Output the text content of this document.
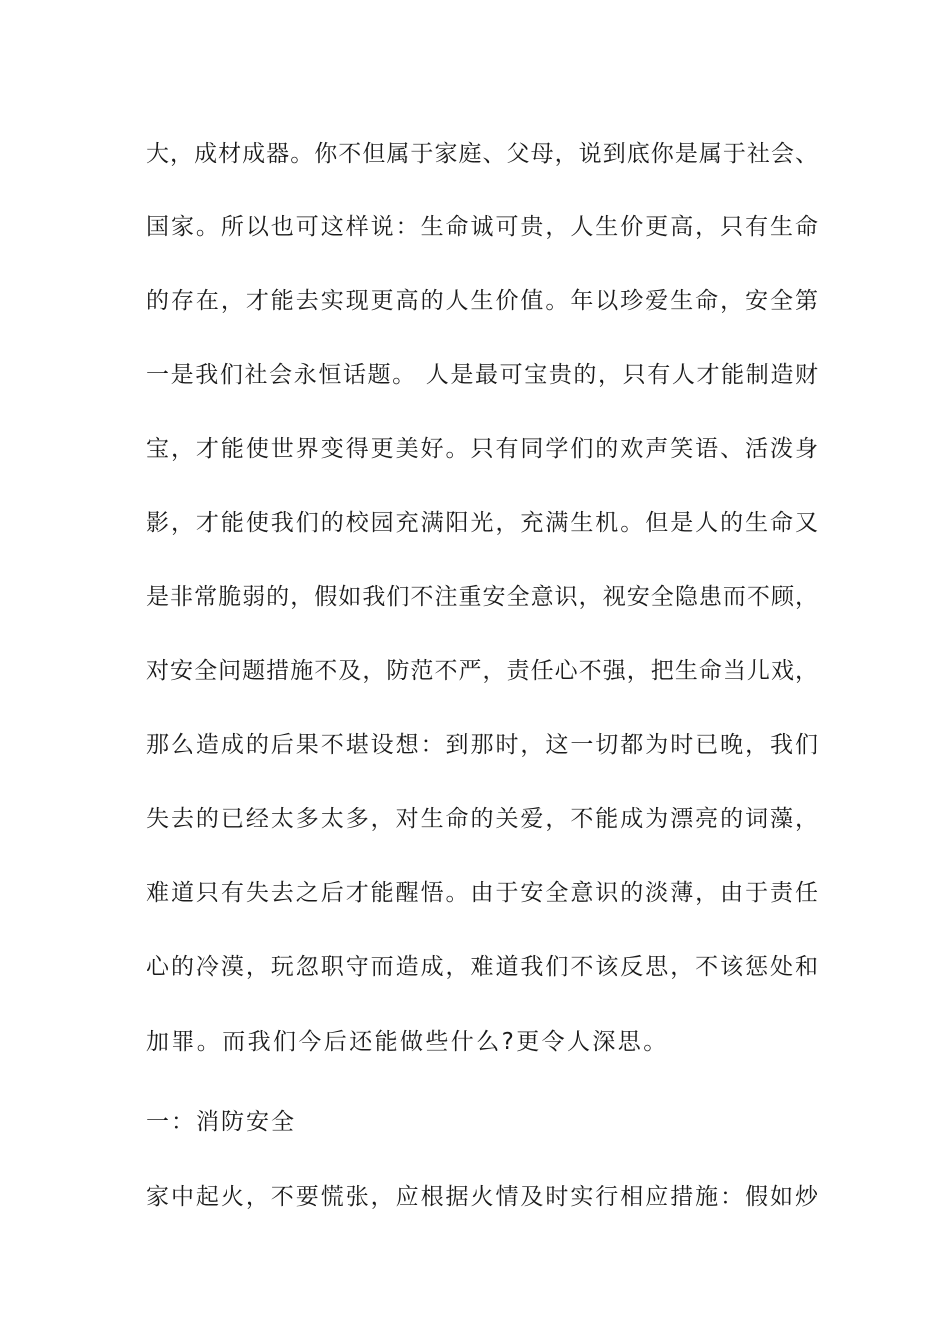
大，成材成器。你不但属于家庭、父母，说到底你是属于社会、
国家。所以也可这样说：生命诚可贵，人生价更高，只有生命
的存在，才能去实现更高的人生价值。年以珍爱生命，安全第
一是我们社会永恒话题。 人是最可宝贵的，只有人才能制造财
宝，才能使世界变得更美好。只有同学们的欢声笑语、活泼身
影，才能使我们的校园充满阳光，充满生机。但是人的生命又
是非常脆弱的，假如我们不注重安全意识，视安全隐患而不顾，
对安全问题措施不及，防范不严，责任心不强，把生命当儿戏，
那么造成的后果不堪设想：到那时，这一切都为时已晚，我们
失去的已经太多太多，对生命的关爱，不能成为漂亮的词藻，
难道只有失去之后才能醒悟。由于安全意识的淡薄，由于责任
心的冷漠，玩忽职守而造成，难道我们不该反思，不该惩处和
加罪。而我们今后还能做些什么?更令人深思。
一：消防安全
家中起火，不要慌张，应根据火情及时实行相应措施：假如炒
